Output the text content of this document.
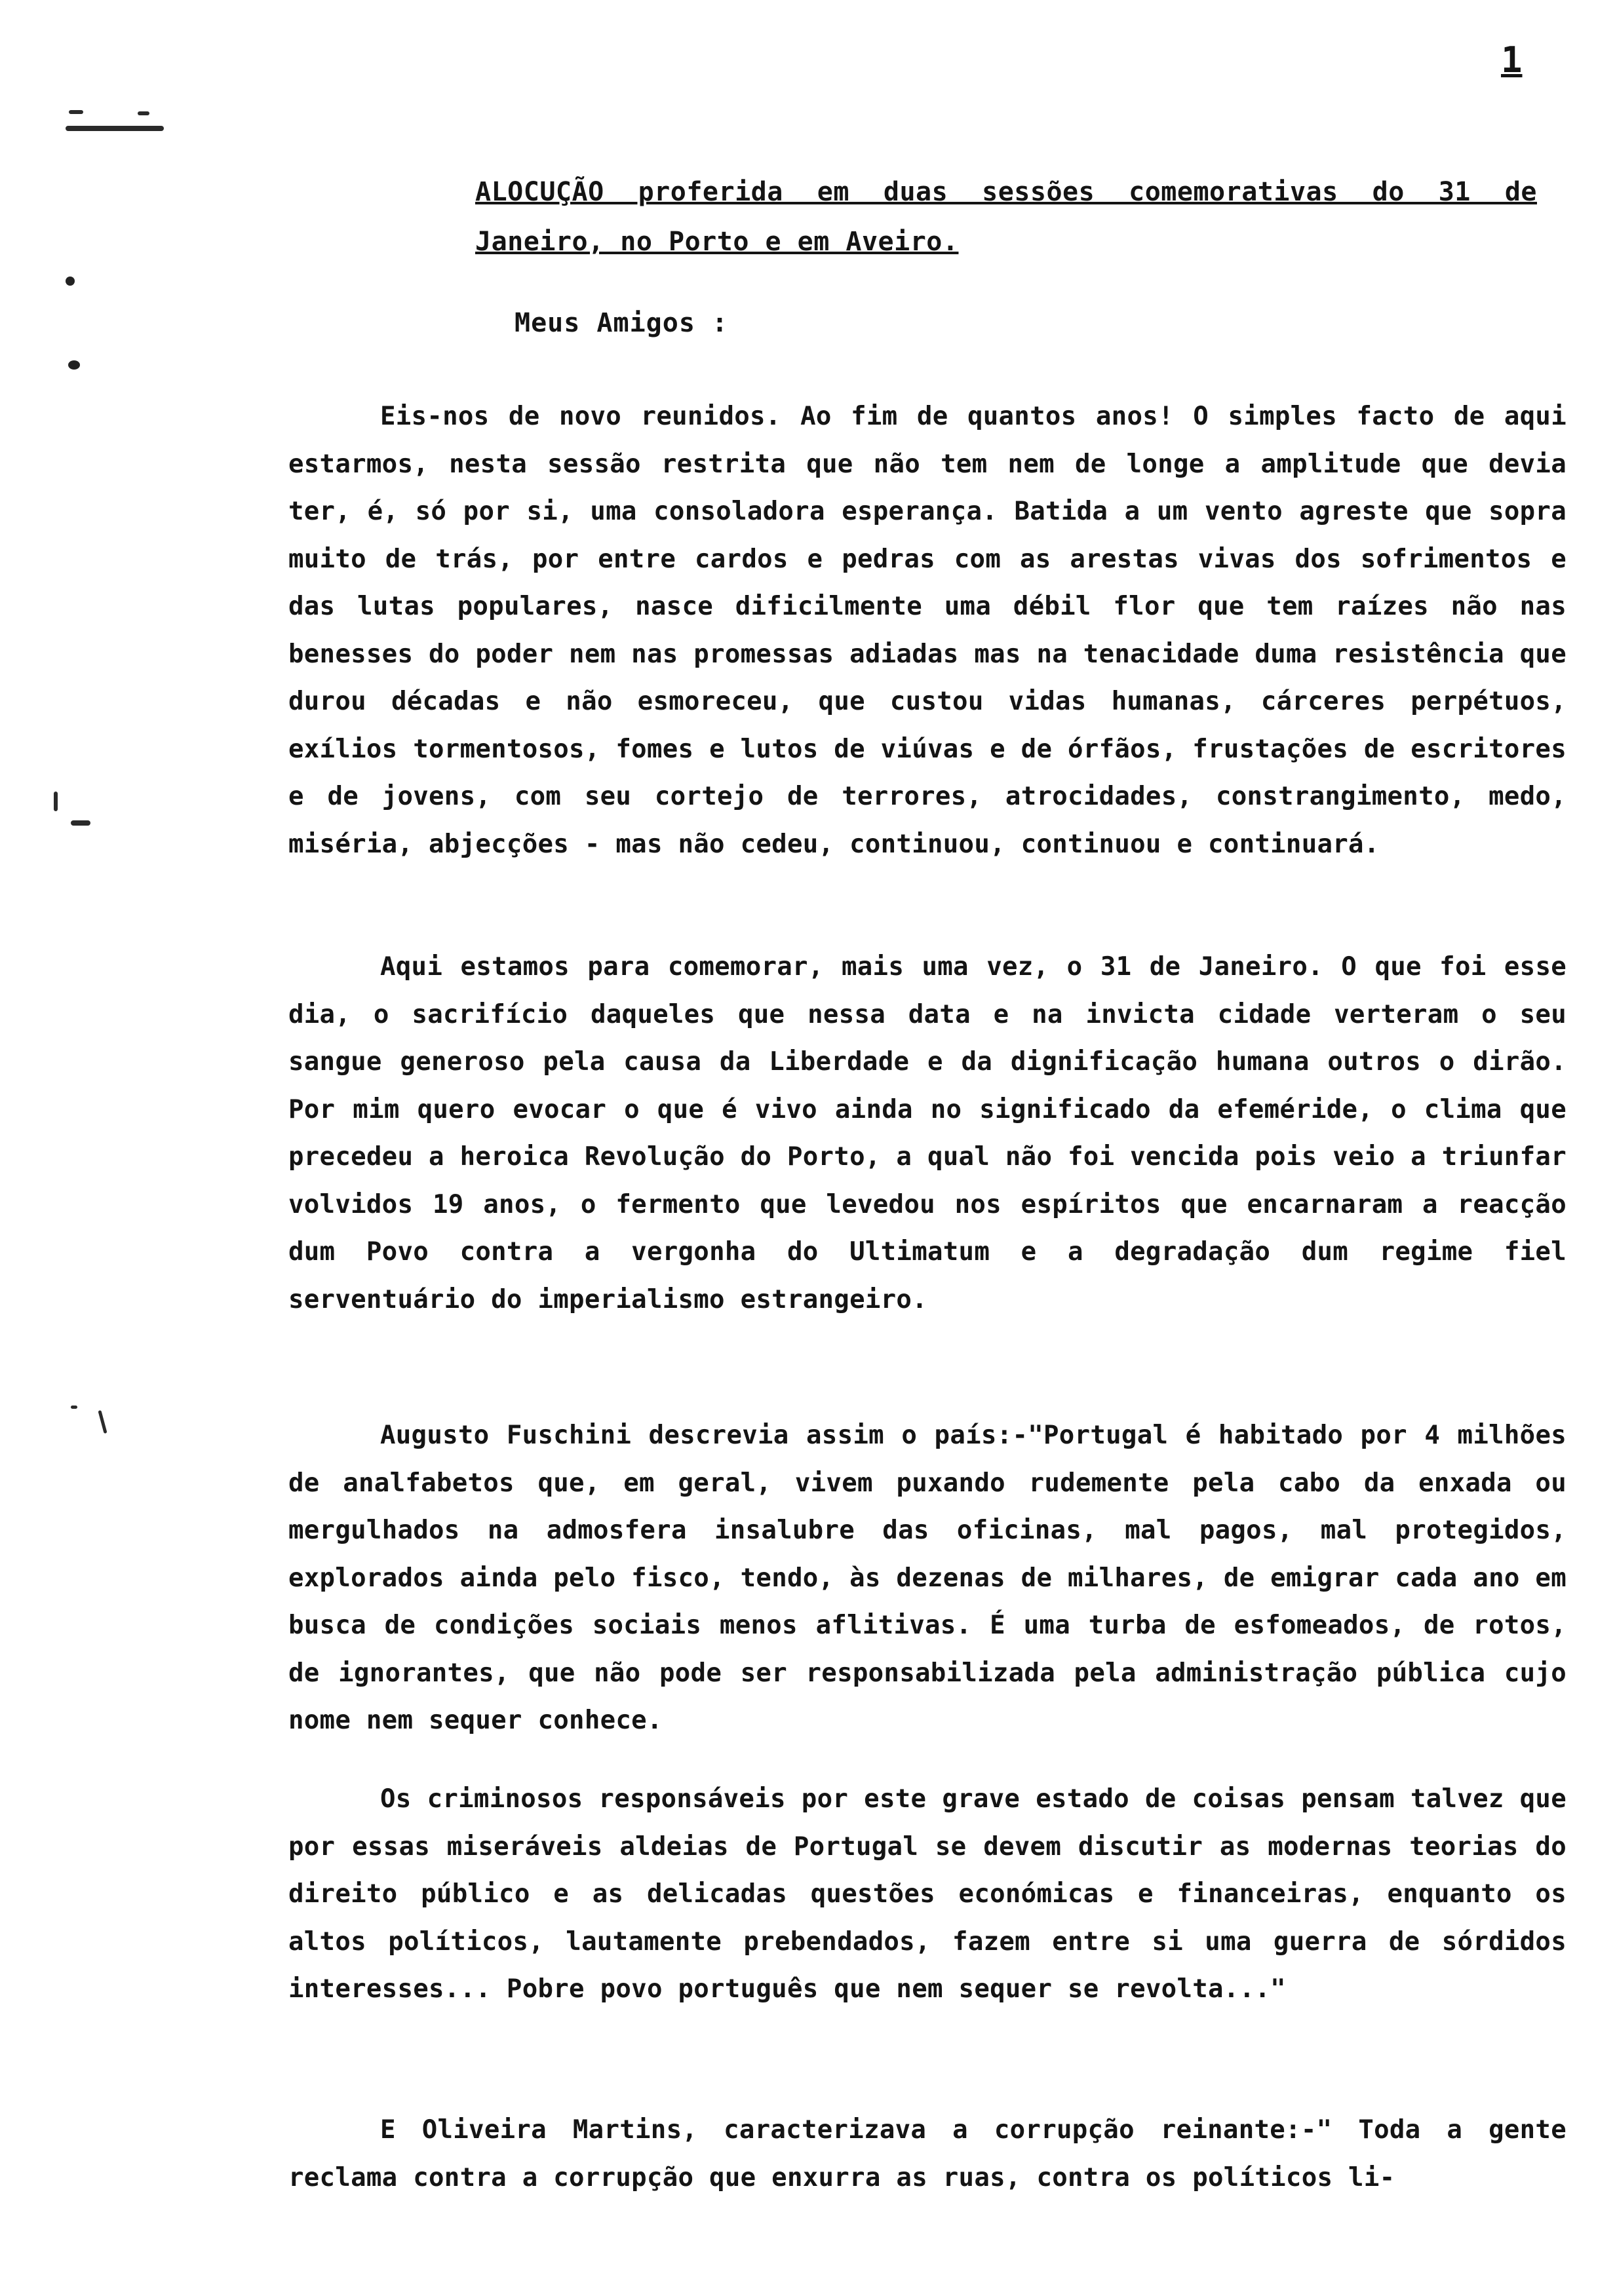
1
ALOCUÇÃO proferida em duas sessões comemorativas do 31 de Janeiro, no Porto e em Aveiro.
Meus Amigos :

Eis-nos de novo reunidos. Ao fim de quantos anos! O simples facto de aqui estarmos, nesta sessão restrita que não tem nem de longe a amplitude que devia ter, é, só por si, uma consoladora esperança. Batida a um vento agreste que sopra muito de trás, por entre cardos e pedras com as arestas vivas dos sofrimentos e das lutas populares, nasce dificilmente uma débil flor que tem raízes não nas benesses do poder nem nas promessas adiadas mas na tenacidade duma resistência que durou décadas e não esmoreceu, que custou vidas humanas, cárceres perpétuos, exílios tormentosos, fomes e lutos de viúvas e de órfãos, frustações de escritores e de jovens, com seu cortejo de terrores, atrocidades, constrangimento, medo, miséria, abjecções - mas não cedeu, continuou, continuou e continuará.

Aqui estamos para comemorar, mais uma vez, o 31 de Janeiro. O que foi esse dia, o sacrifício daqueles que nessa data e na invicta cidade verteram o seu sangue generoso pela causa da Liberdade e da dignificação humana outros o dirão. Por mim quero evocar o que é vivo ainda no significado da efeméride, o clima que precedeu a heroica Revolução do Porto, a qual não foi vencida pois veio a triunfar volvidos 19 anos, o fermento que levedou nos espíritos que encarnaram a reacção dum Povo contra a vergonha do Ultimatum e a degradação dum regime fiel serventuário do imperialismo estrangeiro.

Augusto Fuschini descrevia assim o país:-"Portugal é habitado por 4 milhões de analfabetos que, em geral, vivem puxando rudemente pela cabo da enxada ou mergulhados na admosfera insalubre das oficinas, mal pagos, mal protegidos, explorados ainda pelo fisco, tendo, às dezenas de milhares, de emigrar cada ano em busca de condições sociais menos aflitivas. É uma turba de esfomeados, de rotos, de ignorantes, que não pode ser responsabilizada pela administração pública cujo nome nem sequer conhece.

Os criminosos responsáveis por este grave estado de coisas pensam talvez que por essas miseráveis aldeias de Portugal se devem discutir as modernas teorias do direito público e as delicadas questões económicas e financeiras, enquanto os altos políticos, lautamente prebendados, fazem entre si uma guerra de sórdidos interesses... Pobre povo português que nem sequer se revolta..."

E Oliveira Martins, caracterizava a corrupção reinante:-" Toda a gente reclama contra a corrupção que enxurra as ruas, contra os políticos li-
